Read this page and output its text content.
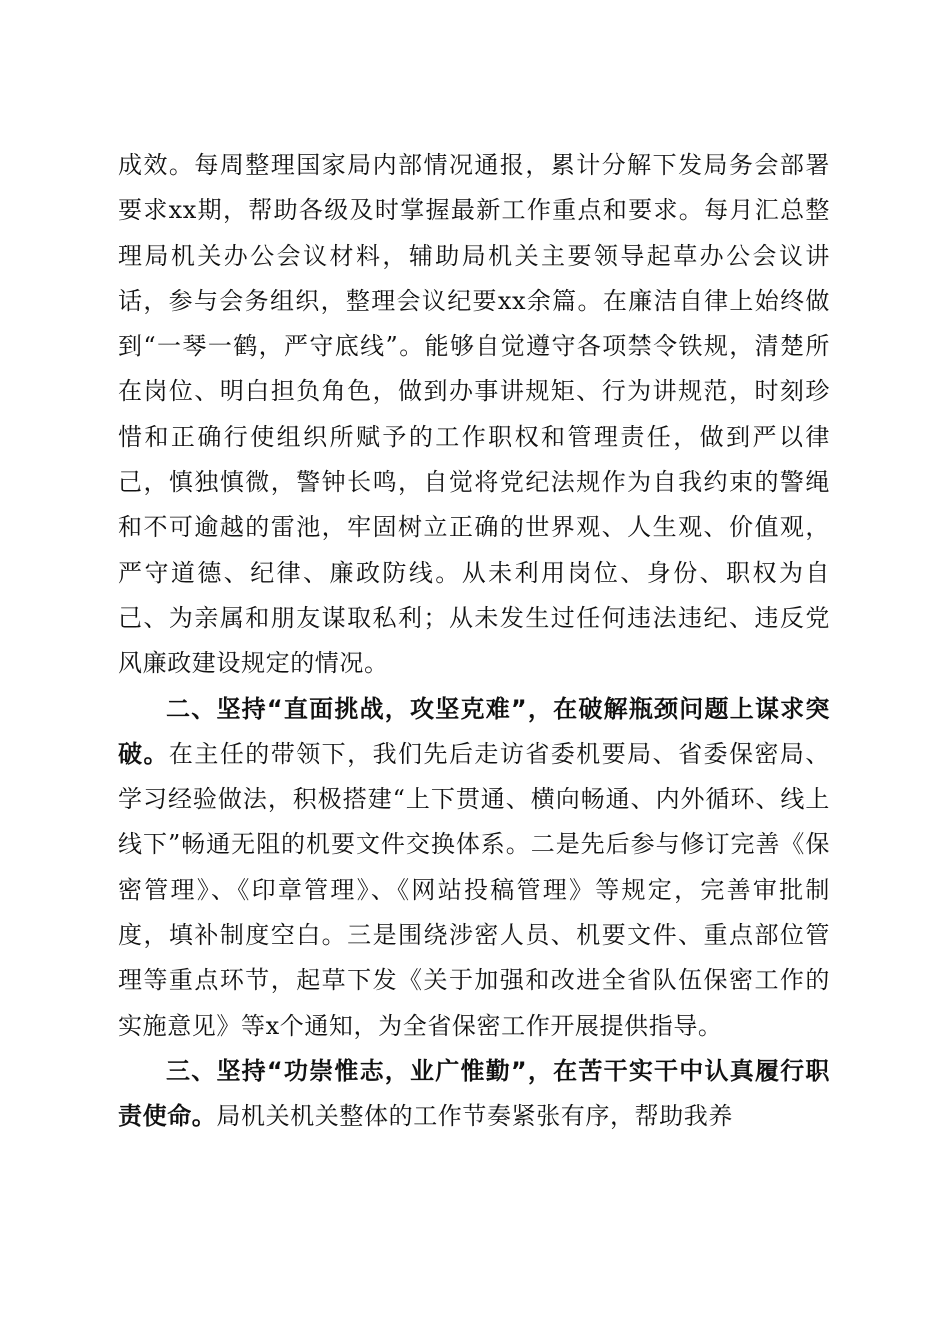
成效。每周整理国家局内部情况通报，累计分解下发局务会部署要求xx期，帮助各级及时掌握最新工作重点和要求。每月汇总整理局机关办公会议材料，辅助局机关主要领导起草办公会议讲话，参与会务组织，整理会议纪要xx余篇。在廉洁自律上始终做到“一琴一鹤，严守底线”。能够自觉遵守各项禁令铁规，清楚所在岗位、明白担负角色，做到办事讲规矩、行为讲规范，时刻珍惜和正确行使组织所赋予的工作职权和管理责任，做到严以律己，慎独慎微，警钟长鸣，自觉将党纪法规作为自我约束的警绳和不可逾越的雷池，牢固树立正确的世界观、人生观、价值观，严守道德、纪律、廉政防线。从未利用岗位、身份、职权为自己、为亲属和朋友谋取私利；从未发生过任何违法违纪、违反党风廉政建设规定的情况。

二、坚持“直面挑战，攻坚克难”，在破解瓶颈问题上谋求突破。在主任的带领下，我们先后走访省委机要局、省委保密局、学习经验做法，积极搭建“上下贯通、横向畅通、内外循环、线上线下”畅通无阻的机要文件交换体系。二是先后参与修订完善《保密管理》、《印章管理》、《网站投稿管理》等规定，完善审批制度，填补制度空白。三是围绕涉密人员、机要文件、重点部位管理等重点环节，起草下发《关于加强和改进全省队伍保密工作的实施意见》等x个通知，为全省保密工作开展提供指导。

三、坚持“功崇惟志，业广惟勤”，在苦干实干中认真履行职责使命。局机关机关整体的工作节奏紧张有序，帮助我养
